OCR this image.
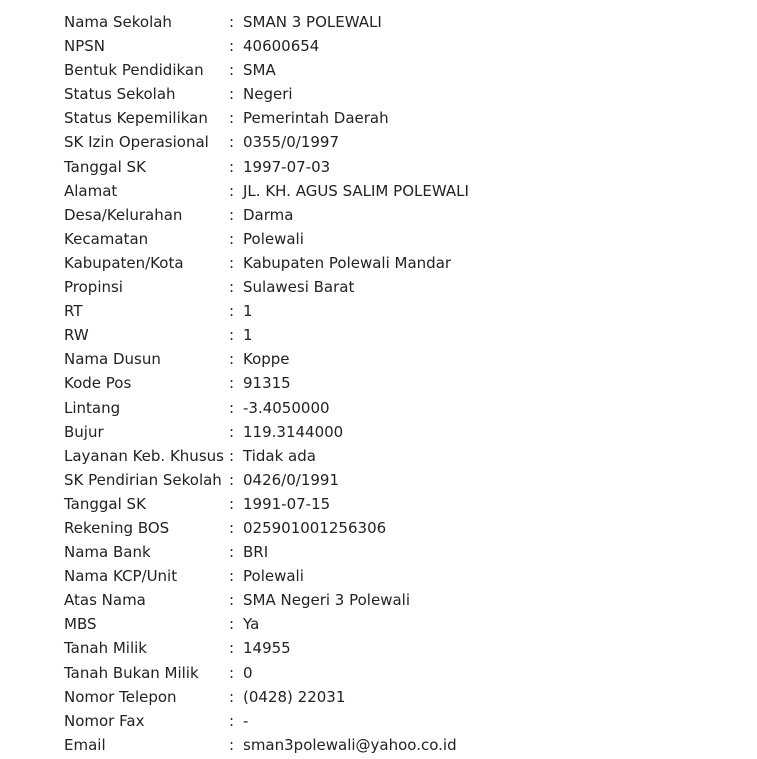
Nama Sekolah	:	SMAN 3 POLEWALI
NPSN	:	40600654
Bentuk Pendidikan	:	SMA
Status Sekolah	:	Negeri
Status Kepemilikan	:	Pemerintah Daerah
SK Izin Operasional	:	0355/0/1997
Tanggal SK	:	1997-07-03
Alamat	:	JL. KH. AGUS SALIM POLEWALI
Desa/Kelurahan	:	Darma
Kecamatan	:	Polewali
Kabupaten/Kota	:	Kabupaten Polewali Mandar
Propinsi	:	Sulawesi Barat
RT	:	1
RW	:	1
Nama Dusun	:	Koppe
Kode Pos	:	91315
Lintang	:	-3.4050000
Bujur	:	119.3144000
Layanan Keb. Khusus	:	Tidak ada
SK Pendirian Sekolah	:	0426/0/1991
Tanggal SK	:	1991-07-15
Rekening BOS	:	025901001256306
Nama Bank	:	BRI
Nama KCP/Unit	:	Polewali
Atas Nama	:	SMA Negeri 3 Polewali
MBS	:	Ya
Tanah Milik	:	14955
Tanah Bukan Milik	:	0
Nomor Telepon	:	(0428) 22031
Nomor Fax	:	-
Email	:	sman3polewali@yahoo.co.id
